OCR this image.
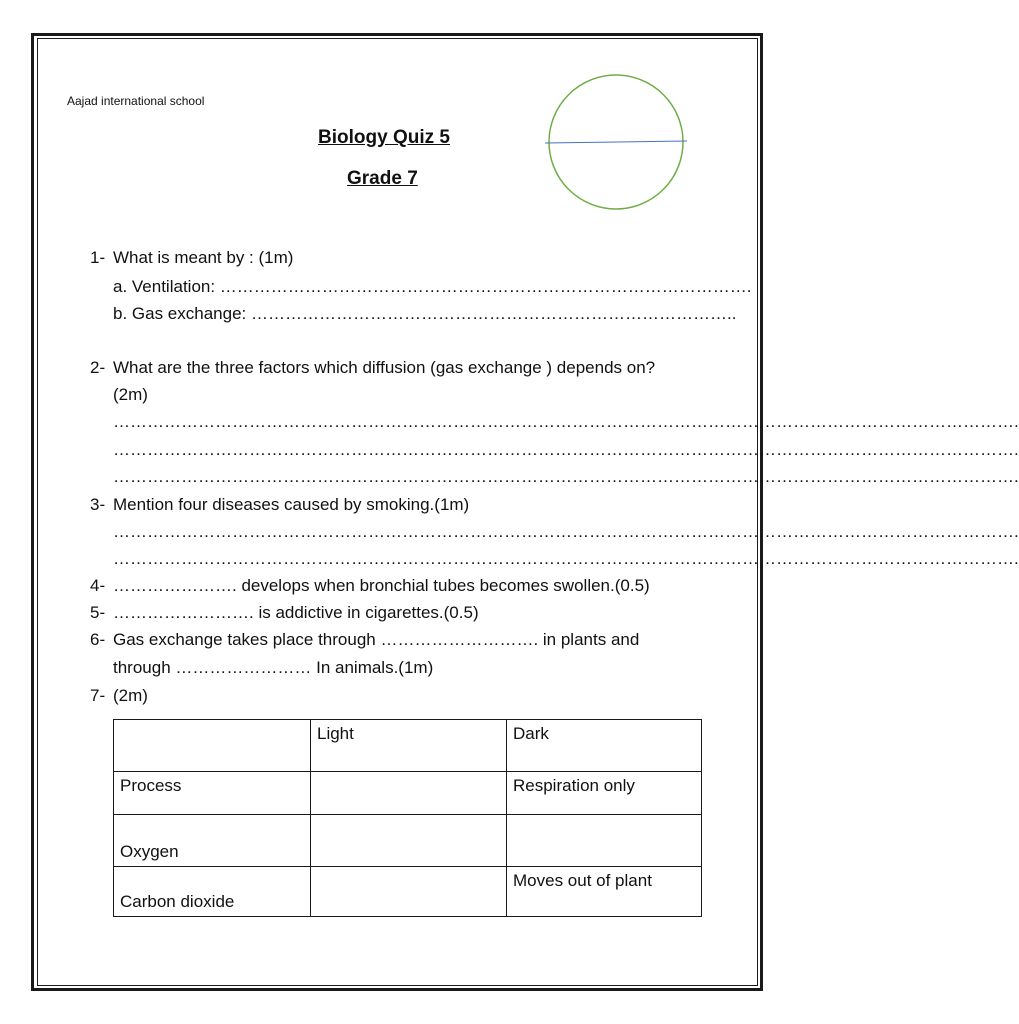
Aajad international school
Biology Quiz 5
Grade 7
1- What is meant by : (1m)
a. Ventilation: ………………………………………………………………………………….
b. Gas exchange: …………………………………………………………………………..
2- What are the three factors which diffusion (gas exchange ) depends on?
(2m)
…………………………………………………………………………………………………………………………………………….
…………………………………………………………………………………………………………………………………………….
…………………………………………………………………………………………………………………………………………….
3- Mention four diseases caused by smoking.(1m)
…………………………………………………………………………………………………………………………………………….
…………………………………………………………………………………………………………………………………………….
4- …………………. develops when bronchial tubes becomes swollen.(0.5)
5- ……………………. is addictive in cigarettes.(0.5)
6- Gas exchange takes place through ………………………. in plants and
through …………………… In animals.(1m)
7- (2m)
	Light	Dark
Process		Respiration only
Oxygen		
Carbon dioxide		Moves out of plant
